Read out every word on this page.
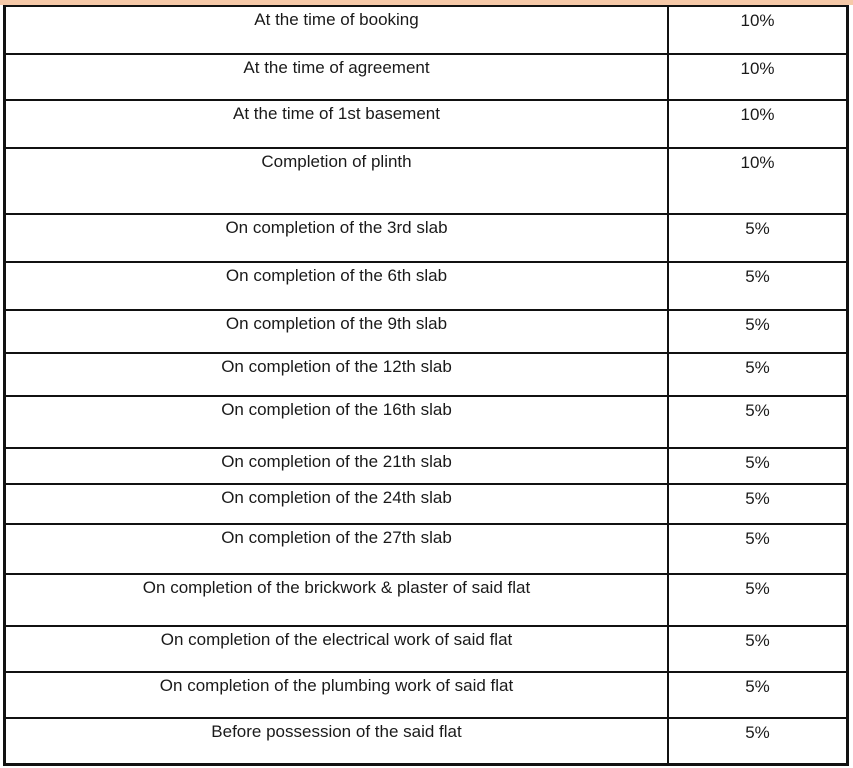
At the time of booking	10%
At the time of agreement	10%
At the time of 1st basement	10%
Completion of plinth	10%
On completion of the 3rd slab	5%
On completion of the 6th slab	5%
On completion of the 9th slab	5%
On completion of the 12th slab	5%
On completion of the 16th slab	5%
On completion of the 21th slab	5%
On completion of the 24th slab	5%
On completion of the 27th slab	5%
On completion of the brickwork & plaster of said flat	5%
On completion of the electrical work of said flat	5%
On completion of the plumbing work of said flat	5%
Before possession of the said flat	5%
